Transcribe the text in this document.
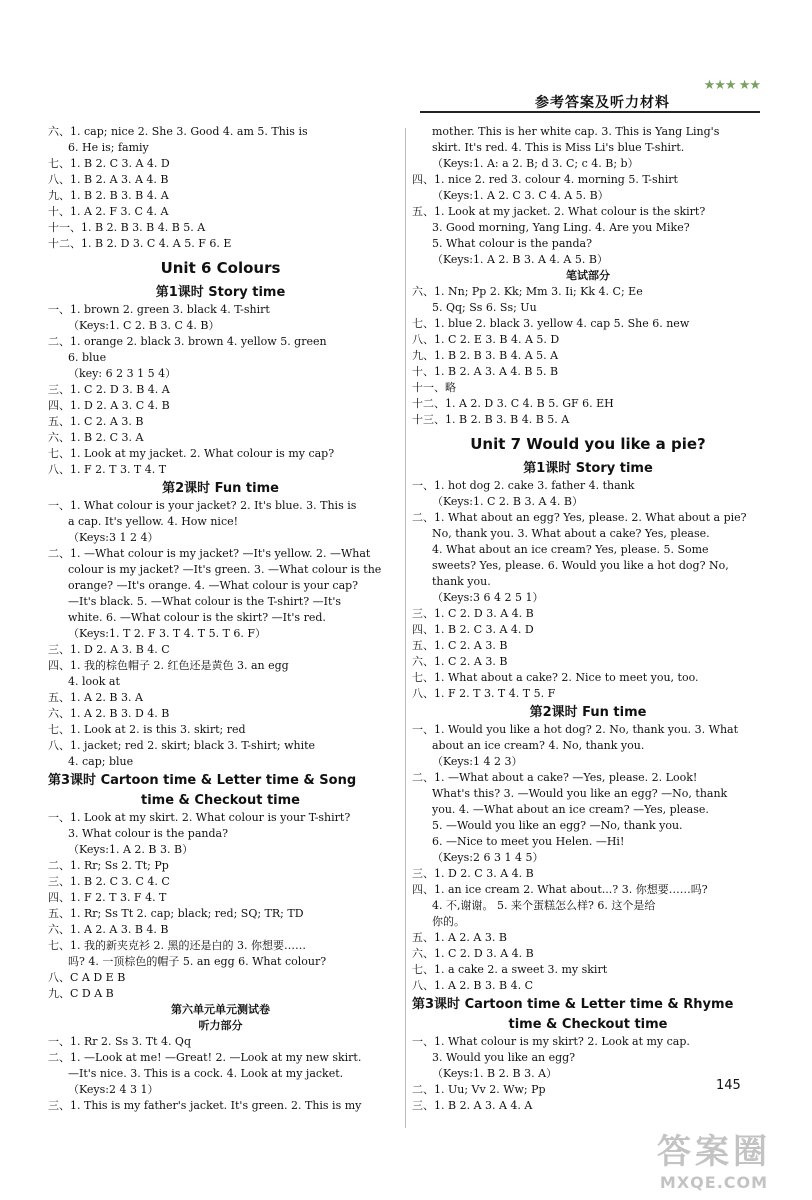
★★★ ★★
参考答案及听力材料
六、1. cap; nice 2. She 3. Good 4. am 5. This is
6. He is; famiy
七、1. B 2. C 3. A 4. D
八、1. B 2. A 3. A 4. B
九、1. B 2. B 3. B 4. A
十、1. A 2. F 3. C 4. A
十一、1. B 2. B 3. B 4. B 5. A
十二、1. B 2. D 3. C 4. A 5. F 6. E
Unit 6 Colours
第1课时 Story time
一、1. brown 2. green 3. black 4. T-shirt
（Keys:1. C 2. B 3. C 4. B）
二、1. orange 2. black 3. brown 4. yellow 5. green
6. blue
（key: 6 2 3 1 5 4）
三、1. C 2. D 3. B 4. A
四、1. D 2. A 3. C 4. B
五、1. C 2. A 3. B
六、1. B 2. C 3. A
七、1. Look at my jacket. 2. What colour is my cap?
八、1. F 2. T 3. T 4. T
第2课时 Fun time
一、1. What colour is your jacket? 2. It's blue. 3. This is
a cap. It's yellow. 4. How nice!
（Keys:3 1 2 4）
二、1. —What colour is my jacket? —It's yellow. 2. —What
colour is my jacket? —It's green. 3. —What colour is the
orange? —It's orange. 4. —What colour is your cap?
—It's black. 5. —What colour is the T-shirt? —It's
white. 6. —What colour is the skirt? —It's red.
（Keys:1. T 2. F 3. T 4. T 5. T 6. F）
三、1. D 2. A 3. B 4. C
四、1. 我的棕色帽子 2. 红色还是黄色 3. an egg
4. look at
五、1. A 2. B 3. A
六、1. A 2. B 3. D 4. B
七、1. Look at 2. is this 3. skirt; red
八、1. jacket; red 2. skirt; black 3. T-shirt; white
4. cap; blue
第3课时 Cartoon time & Letter time & Song
time & Checkout time
一、1. Look at my skirt. 2. What colour is your T-shirt?
3. What colour is the panda?
（Keys:1. A 2. B 3. B）
二、1. Rr; Ss 2. Tt; Pp
三、1. B 2. C 3. C 4. C
四、1. F 2. T 3. F 4. T
五、1. Rr; Ss Tt 2. cap; black; red; SQ; TR; TD
六、1. A 2. A 3. B 4. B
七、1. 我的新夹克衫 2. 黑的还是白的 3. 你想要……
吗? 4. 一顶棕色的帽子 5. an egg 6. What colour?
八、C A D E B
九、C D A B
第六单元单元测试卷
听力部分
一、1. Rr 2. Ss 3. Tt 4. Qq
二、1. —Look at me! —Great! 2. —Look at my new skirt.
—It's nice. 3. This is a cock. 4. Look at my jacket.
（Keys:2 4 3 1）
三、1. This is my father's jacket. It's green. 2. This is my
mother. This is her white cap. 3. This is Yang Ling's
skirt. It's red. 4. This is Miss Li's blue T-shirt.
（Keys:1. A: a 2. B; d 3. C; c 4. B; b）
四、1. nice 2. red 3. colour 4. morning 5. T-shirt
（Keys:1. A 2. C 3. C 4. A 5. B）
五、1. Look at my jacket. 2. What colour is the skirt?
3. Good morning, Yang Ling. 4. Are you Mike?
5. What colour is the panda?
（Keys:1. A 2. B 3. A 4. A 5. B）
笔试部分
六、1. Nn; Pp 2. Kk; Mm 3. Ii; Kk 4. C; Ee
5. Qq; Ss 6. Ss; Uu
七、1. blue 2. black 3. yellow 4. cap 5. She 6. new
八、1. C 2. E 3. B 4. A 5. D
九、1. B 2. B 3. B 4. A 5. A
十、1. B 2. A 3. A 4. B 5. B
十一、略
十二、1. A 2. D 3. C 4. B 5. GF 6. EH
十三、1. B 2. B 3. B 4. B 5. A
Unit 7 Would you like a pie?
第1课时 Story time
一、1. hot dog 2. cake 3. father 4. thank
（Keys:1. C 2. B 3. A 4. B）
二、1. What about an egg? Yes, please. 2. What about a pie?
No, thank you. 3. What about a cake? Yes, please.
4. What about an ice cream? Yes, please. 5. Some
sweets? Yes, please. 6. Would you like a hot dog? No,
thank you.
（Keys:3 6 4 2 5 1）
三、1. C 2. D 3. A 4. B
四、1. B 2. C 3. A 4. D
五、1. C 2. A 3. B
六、1. C 2. A 3. B
七、1. What about a cake? 2. Nice to meet you, too.
八、1. F 2. T 3. T 4. T 5. F
第2课时 Fun time
一、1. Would you like a hot dog? 2. No, thank you. 3. What
about an ice cream? 4. No, thank you.
（Keys:1 4 2 3）
二、1. —What about a cake? —Yes, please. 2. Look!
What's this? 3. —Would you like an egg? —No, thank
you. 4. —What about an ice cream? —Yes, please.
5. —Would you like an egg? —No, thank you.
6. —Nice to meet you Helen. —Hi!
（Keys:2 6 3 1 4 5）
三、1. D 2. C 3. A 4. B
四、1. an ice cream 2. What about...? 3. 你想要……吗?
4. 不,谢谢。 5. 来个蛋糕怎么样? 6. 这个是给
你的。
五、1. A 2. A 3. B
六、1. C 2. D 3. A 4. B
七、1. a cake 2. a sweet 3. my skirt
八、1. A 2. B 3. B 4. C
第3课时 Cartoon time & Letter time & Rhyme
time & Checkout time
一、1. What colour is my skirt? 2. Look at my cap.
3. Would you like an egg?
（Keys:1. B 2. B 3. A）
二、1. Uu; Vv 2. Ww; Pp
三、1. B 2. A 3. A 4. A
145
答案圈
MXQE.COM
